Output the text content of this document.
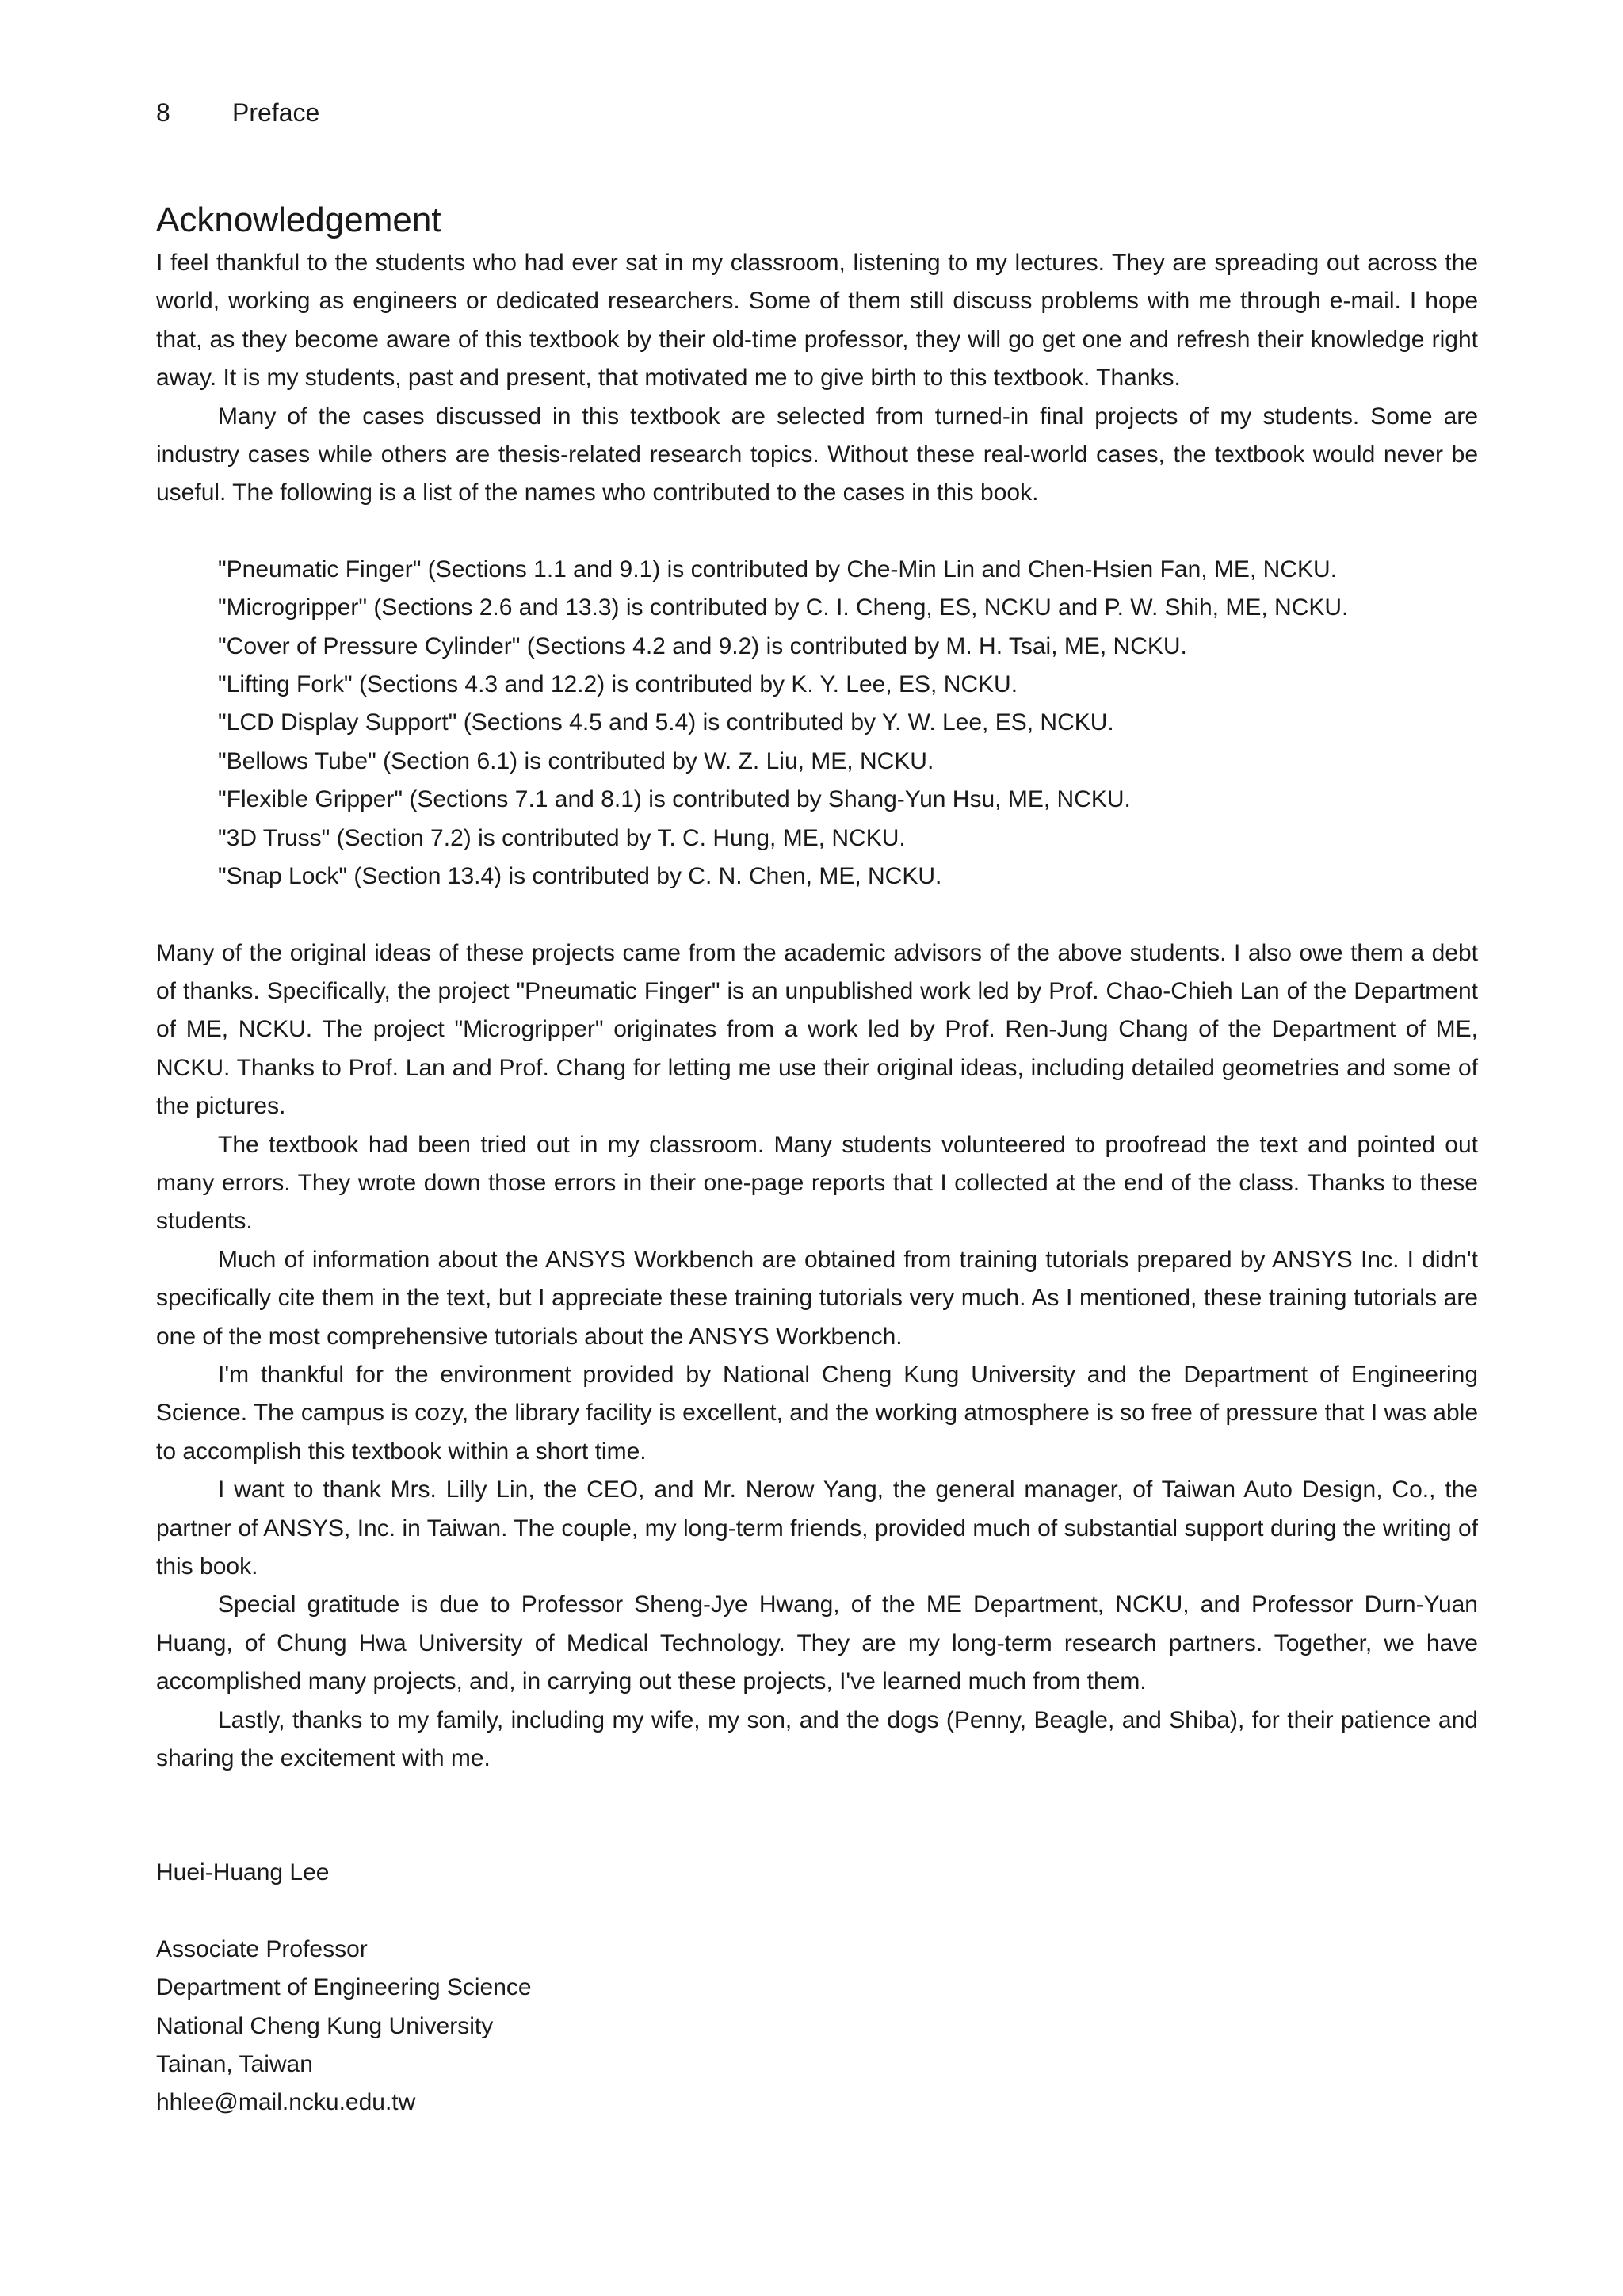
8 Preface
Acknowledgement

I feel thankful to the students who had ever sat in my classroom, listening to my lectures. They are spreading out across the world, working as engineers or dedicated researchers. Some of them still discuss problems with me through e-mail. I hope that, as they become aware of this textbook by their old-time professor, they will go get one and refresh their knowledge right away. It is my students, past and present, that motivated me to give birth to this textbook. Thanks.

Many of the cases discussed in this textbook are selected from turned-in final projects of my students. Some are industry cases while others are thesis-related research topics. Without these real-world cases, the textbook would never be useful. The following is a list of the names who contributed to the cases in this book.

"Pneumatic Finger" (Sections 1.1 and 9.1) is contributed by Che-Min Lin and Chen-Hsien Fan, ME, NCKU.
"Microgripper" (Sections 2.6 and 13.3) is contributed by C. I. Cheng, ES, NCKU and P. W. Shih, ME, NCKU.
"Cover of Pressure Cylinder" (Sections 4.2 and 9.2) is contributed by M. H. Tsai, ME, NCKU.
"Lifting Fork" (Sections 4.3 and 12.2) is contributed by K. Y. Lee, ES, NCKU.
"LCD Display Support" (Sections 4.5 and 5.4) is contributed by Y. W. Lee, ES, NCKU.
"Bellows Tube" (Section 6.1) is contributed by W. Z. Liu, ME, NCKU.
"Flexible Gripper" (Sections 7.1 and 8.1) is contributed by Shang-Yun Hsu, ME, NCKU.
"3D Truss" (Section 7.2) is contributed by T. C. Hung, ME, NCKU.
"Snap Lock" (Section 13.4) is contributed by C. N. Chen, ME, NCKU.

Many of the original ideas of these projects came from the academic advisors of the above students. I also owe them a debt of thanks. Specifically, the project "Pneumatic Finger" is an unpublished work led by Prof. Chao-Chieh Lan of the Department of ME, NCKU. The project "Microgripper" originates from a work led by Prof. Ren-Jung Chang of the Department of ME, NCKU. Thanks to Prof. Lan and Prof. Chang for letting me use their original ideas, including detailed geometries and some of the pictures.

The textbook had been tried out in my classroom. Many students volunteered to proofread the text and pointed out many errors. They wrote down those errors in their one-page reports that I collected at the end of the class. Thanks to these students.

Much of information about the ANSYS Workbench are obtained from training tutorials prepared by ANSYS Inc. I didn't specifically cite them in the text, but I appreciate these training tutorials very much. As I mentioned, these training tutorials are one of the most comprehensive tutorials about the ANSYS Workbench.

I'm thankful for the environment provided by National Cheng Kung University and the Department of Engineering Science. The campus is cozy, the library facility is excellent, and the working atmosphere is so free of pressure that I was able to accomplish this textbook within a short time.

I want to thank Mrs. Lilly Lin, the CEO, and Mr. Nerow Yang, the general manager, of Taiwan Auto Design, Co., the partner of ANSYS, Inc. in Taiwan. The couple, my long-term friends, provided much of substantial support during the writing of this book.

Special gratitude is due to Professor Sheng-Jye Hwang, of the ME Department, NCKU, and Professor Durn-Yuan Huang, of Chung Hwa University of Medical Technology. They are my long-term research partners. Together, we have accomplished many projects, and, in carrying out these projects, I've learned much from them.

Lastly, thanks to my family, including my wife, my son, and the dogs (Penny, Beagle, and Shiba), for their patience and sharing the excitement with me.

Huei-Huang Lee
Associate Professor
Department of Engineering Science
National Cheng Kung University
Tainan, Taiwan
hhlee@mail.ncku.edu.tw
